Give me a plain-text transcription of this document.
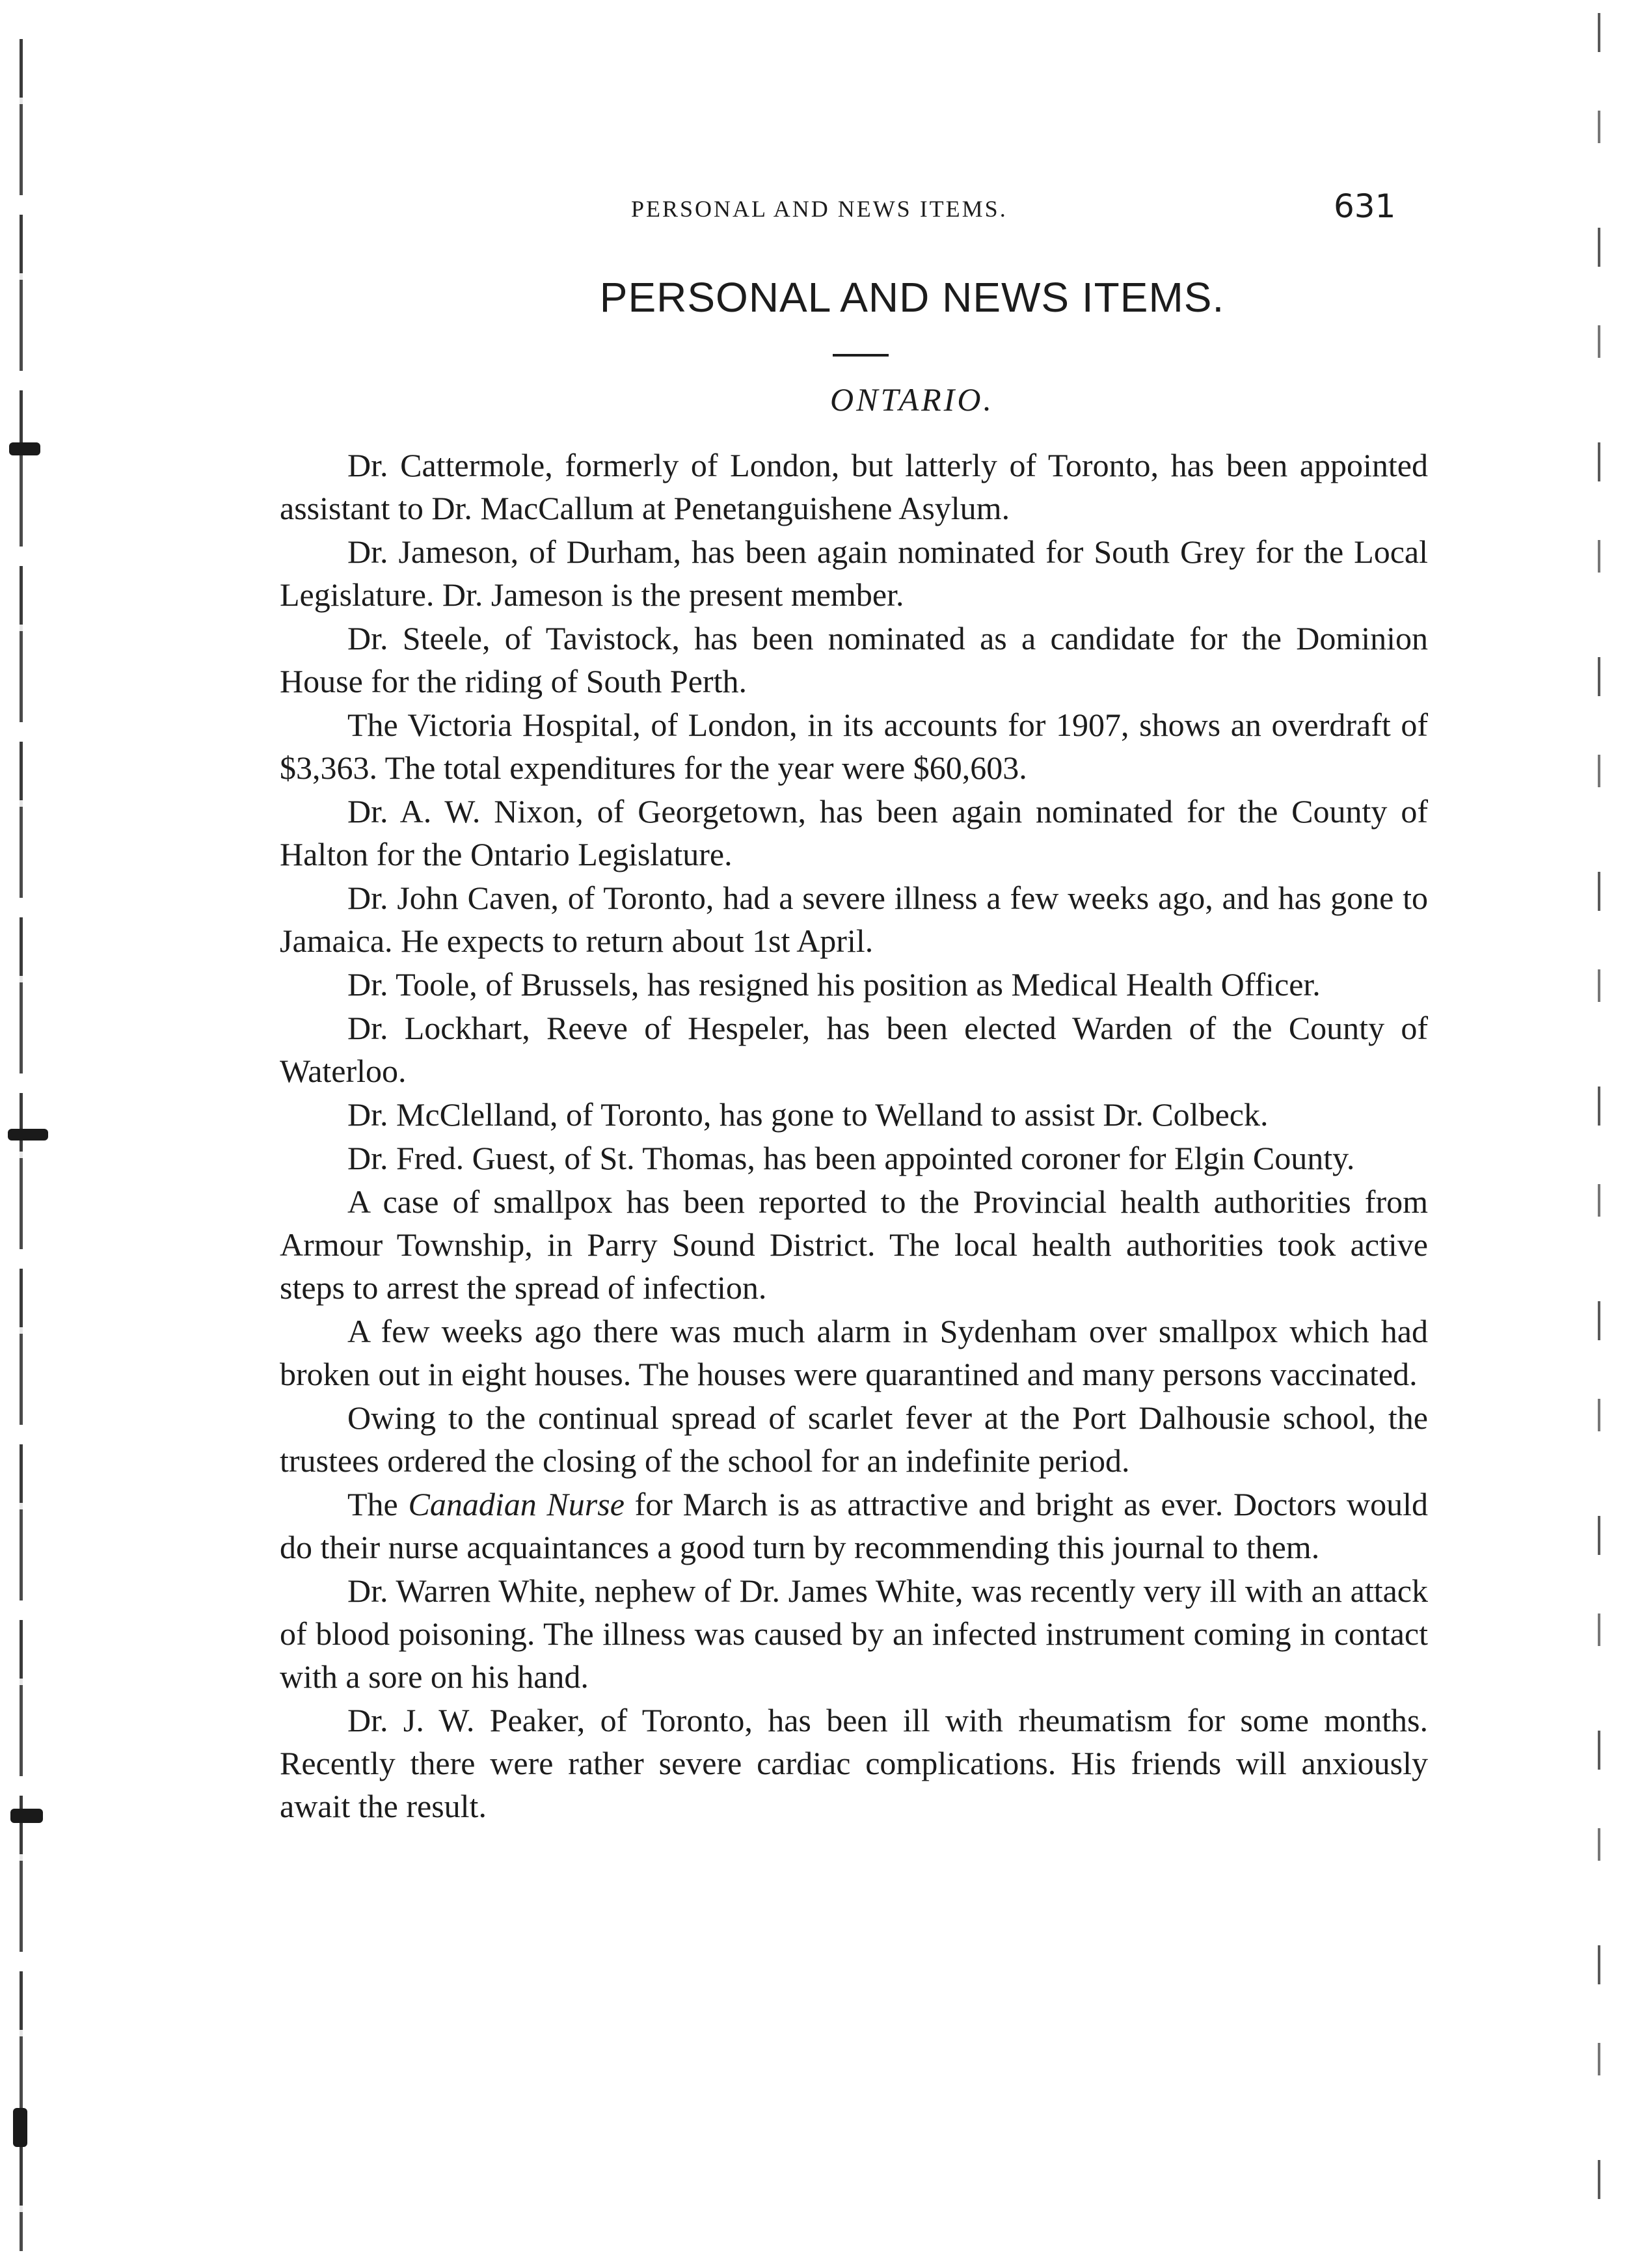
PERSONAL AND NEWS ITEMS.	631
PERSONAL AND NEWS ITEMS.
ONTARIO.

Dr. Cattermole, formerly of London, but latterly of Toronto, has been appointed assistant to Dr. MacCallum at Penetanguishene Asylum.

Dr. Jameson, of Durham, has been again nominated for South Grey for the Local Legislature. Dr. Jameson is the present member.

Dr. Steele, of Tavistock, has been nominated as a candidate for the Dominion House for the riding of South Perth.

The Victoria Hospital, of London, in its accounts for 1907, shows an overdraft of $3,363. The total expenditures for the year were $60,603.

Dr. A. W. Nixon, of Georgetown, has been again nominated for the County of Halton for the Ontario Legislature.

Dr. John Caven, of Toronto, had a severe illness a few weeks ago, and has gone to Jamaica. He expects to return about 1st April.

Dr. Toole, of Brussels, has resigned his position as Medical Health Officer.

Dr. Lockhart, Reeve of Hespeler, has been elected Warden of the County of Waterloo.

Dr. McClelland, of Toronto, has gone to Welland to assist Dr. Colbeck.

Dr. Fred. Guest, of St. Thomas, has been appointed coroner for Elgin County.

A case of smallpox has been reported to the Provincial health authorities from Armour Township, in Parry Sound District. The local health authorities took active steps to arrest the spread of infection.

A few weeks ago there was much alarm in Sydenham over smallpox which had broken out in eight houses. The houses were quarantined and many persons vaccinated.

Owing to the continual spread of scarlet fever at the Port Dalhousie school, the trustees ordered the closing of the school for an indefinite period.

The Canadian Nurse for March is as attractive and bright as ever. Doctors would do their nurse acquaintances a good turn by recommending this journal to them.

Dr. Warren White, nephew of Dr. James White, was recently very ill with an attack of blood poisoning. The illness was caused by an infected instrument coming in contact with a sore on his hand.

Dr. J. W. Peaker, of Toronto, has been ill with rheumatism for some months. Recently there were rather severe cardiac complications. His friends will anxiously await the result.
